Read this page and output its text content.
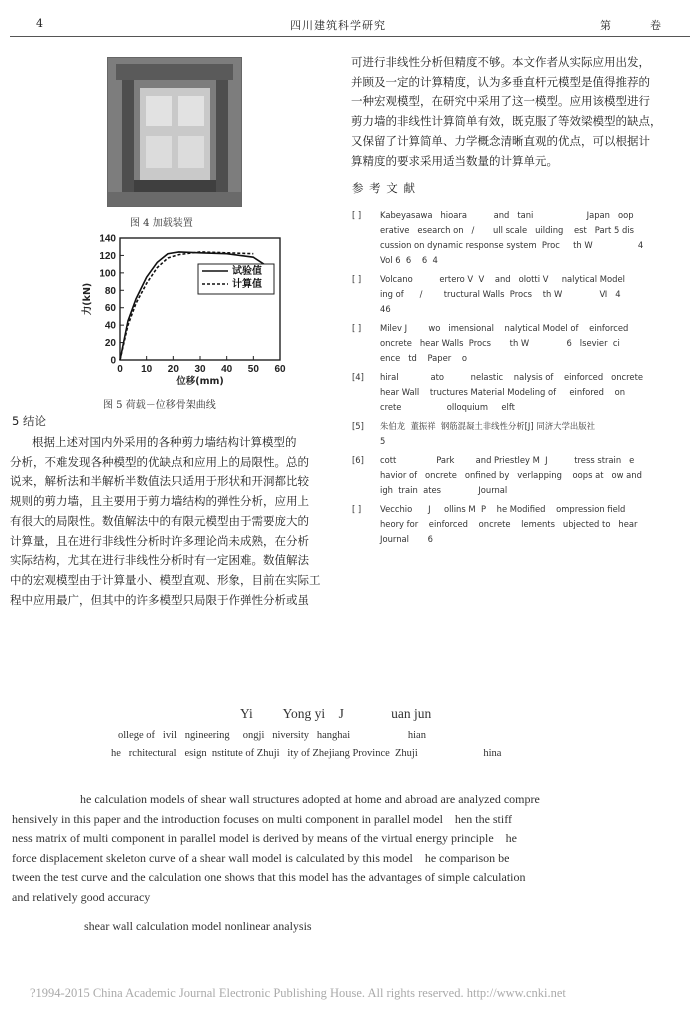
4	四川建筑科学研究	第	卷
图 4 加载装置
0
20
40
60
80
100
120
140
0 10 20 30 40 50 60
位移(mm)
力(kN)
试验值
计算值
图 5 荷载－位移骨架曲线
5 结论
根据上述对国内外采用的各种剪力墙结构计算模型的
分析，不难发现各种模型的优缺点和应用上的局限性。总的
说来，解析法和半解析半数值法只适用于形状和开洞都比较
规则的剪力墙，且主要用于剪力墙结构的弹性分析，应用上
有很大的局限性。数值解法中的有限元模型由于需要庞大的
计算量，且在进行非线性分析时许多理论尚未成熟，在分析
实际结构，尤其在进行非线性分析时有一定困难。数值解法
中的宏观模型由于计算量小、模型直观、形象，目前在实际工
程中应用最广，但其中的许多模型只局限于作弹性分析或虽
可进行非线性分析但精度不够。本文作者从实际应用出发，
并顾及一定的计算精度，认为多垂直杆元模型是值得推荐的
一种宏观模型，在研究中采用了这一模型。应用该模型进行
剪力墙的非线性计算简单有效，既克服了等效梁模型的缺点，
又保留了计算简单、力学概念清晰直观的优点，可以根据计
算精度的要求采用适当数量的计算单元。
参 考 文 献
[ ] Kabeyasawa   hioara          and   tani                    Japan   oop
erative   esearch on   /       ull scale   uilding    est   Part 5 dis
cussion on dynamic response system  Proc     th W                 4
Vol 6  6    6  4
[ ] Volcano          ertero V  V    and   olotti V     nalytical Model
ing of      /        tructural Walls  Procs    th W              Ⅵ   4
46
[ ] Milev J        wo   imensional    nalytical Model of    einforced
oncrete   hear Walls  Procs       th W              6   lsevier  ci
ence   td    Paper    o
[4] hiral            ato          nelastic    nalysis of    einforced   oncrete
hear Wall    tructures Material Modeling of     einfored    on
crete                 olloquium     elft
[5] 朱伯龙  董振祥  钢筋混凝土非线性分析[J] 同济大学出版社
5
[6] cott               Park        and Priestley M  J          tress strain   e
havior of   oncrete   onfined by   verlapping    oops at   ow and
igh  train  ates              Journal
[ ] Vecchio      J     ollins M  P    he Modified    ompression field
heory for    einforced    oncrete    lements   ubjected to   hear
Journal       6
Yi         Yong yi    J              uan jun
ollege of   ivil   ngineering     ongji   niversity   hanghai                      hian
he   rchitectural   esign  nstitute of Zhuji   ity of Zhejiang Province  Zhuji                         hina
he calculation models of shear wall structures adopted at home and abroad are analyzed compre
hensively in this paper and the introduction focuses on multi component in parallel model    hen the stiff
ness matrix of multi component in parallel model is derived by means of the virtual energy principle    he
force displacement skeleton curve of a shear wall model is calculated by this model    he comparison be
tween the test curve and the calculation one shows that this model has the advantages of simple calculation
and relatively good accuracy
shear wall calculation model nonlinear analysis
?1994-2015 China Academic Journal Electronic Publishing House. All rights reserved. http://www.cnki.net
